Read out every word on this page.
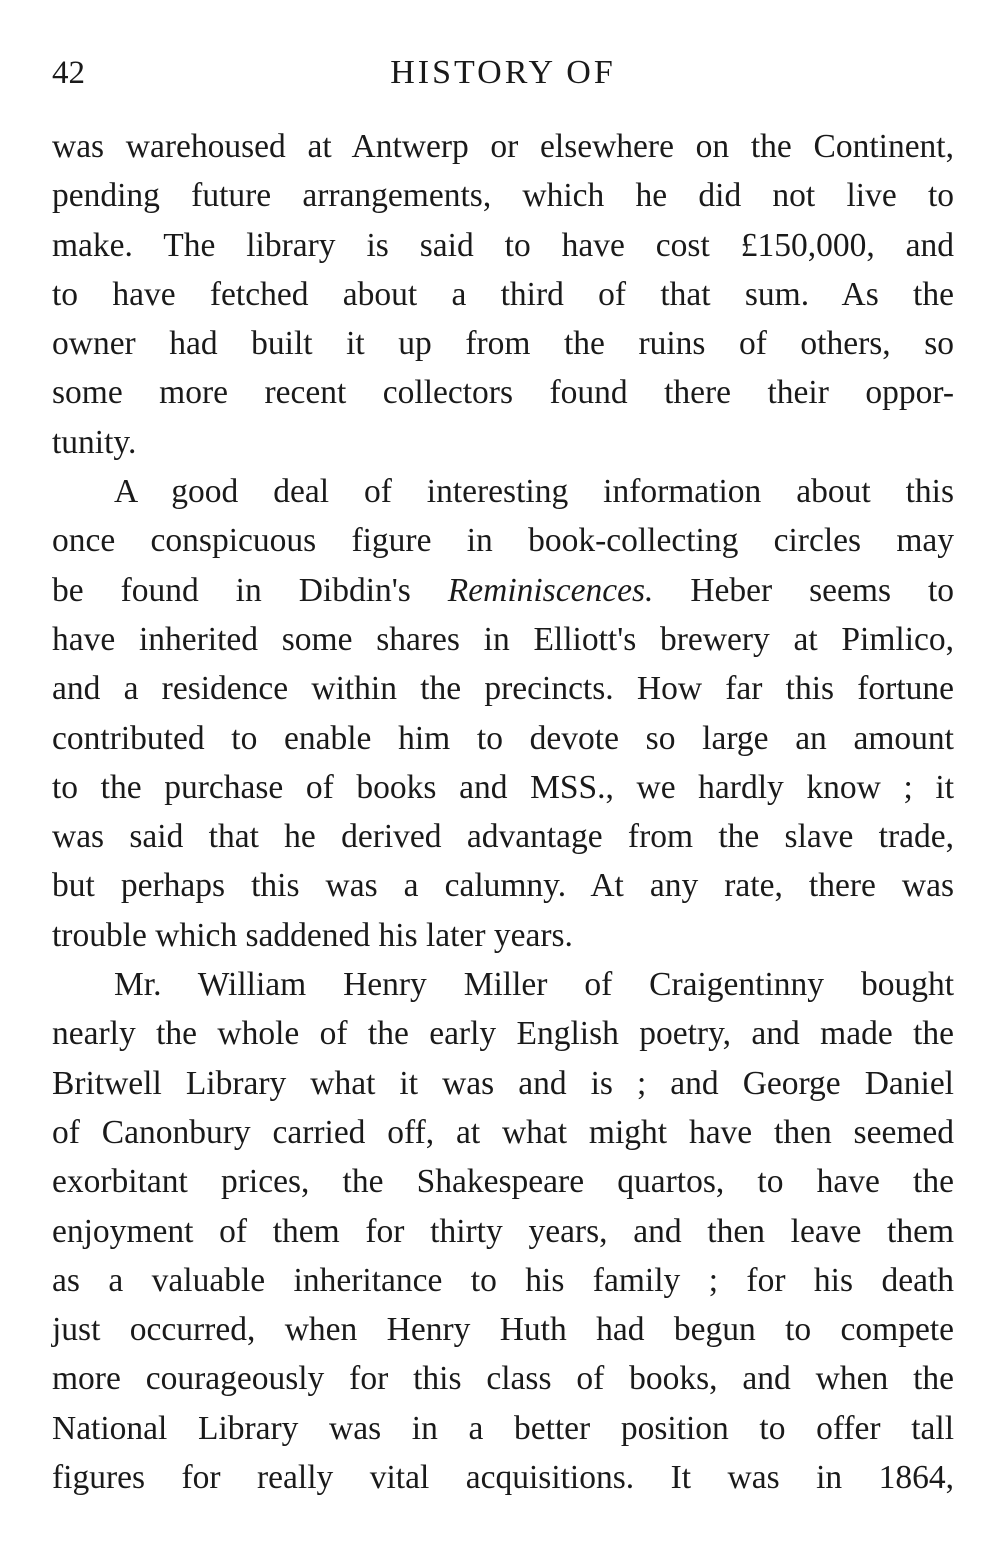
42	HISTORY OF
was warehoused at Antwerp or elsewhere on the Continent,
pending future arrangements, which he did not live to
make. The library is said to have cost £150,000, and
to have fetched about a third of that sum. As the
owner had built it up from the ruins of others, so
some more recent collectors found there their oppor-
tunity.
A good deal of interesting information about this
once conspicuous figure in book-collecting circles may
be found in Dibdin's Reminiscences. Heber seems to
have inherited some shares in Elliott's brewery at Pimlico,
and a residence within the precincts. How far this fortune
contributed to enable him to devote so large an amount
to the purchase of books and MSS., we hardly know ; it
was said that he derived advantage from the slave trade,
but perhaps this was a calumny. At any rate, there was
trouble which saddened his later years.
Mr. William Henry Miller of Craigentinny bought
nearly the whole of the early English poetry, and made the
Britwell Library what it was and is ; and George Daniel
of Canonbury carried off, at what might have then seemed
exorbitant prices, the Shakespeare quartos, to have the
enjoyment of them for thirty years, and then leave them
as a valuable inheritance to his family ; for his death
just occurred, when Henry Huth had begun to compete
more courageously for this class of books, and when the
National Library was in a better position to offer tall
figures for really vital acquisitions. It was in 1864,
